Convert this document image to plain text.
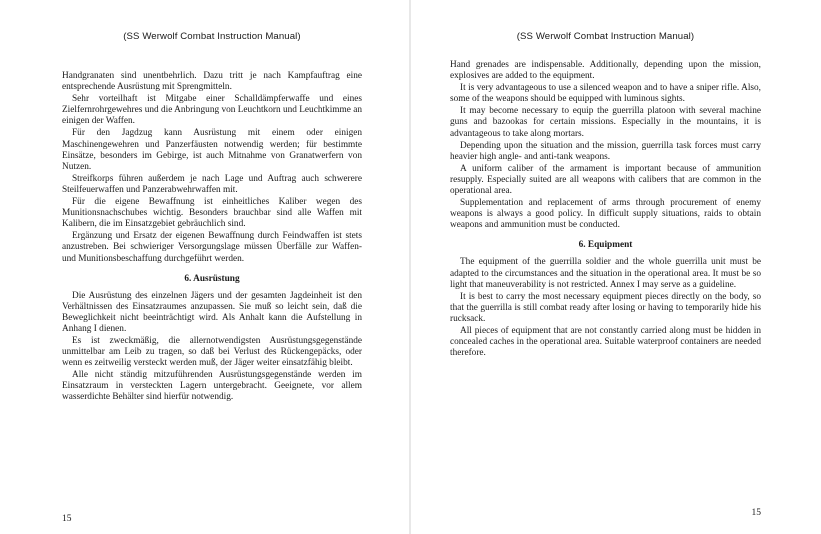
(SS Werwolf Combat Instruction Manual)

Handgranaten sind unentbehrlich. Dazu tritt je nach Kampfauftrag eine entsprechende Ausrüstung mit Sprengmitteln.

Sehr vorteilhaft ist Mitgabe einer Schalldämpferwaffe und eines Zielfernrohrgewehres und die Anbringung von Leuchtkorn und Leuchtkimme an einigen der Waffen.

Für den Jagdzug kann Ausrüstung mit einem oder einigen Maschinengewehren und Panzerfäusten notwendig werden; für bestimmte Einsätze, besonders im Gebirge, ist auch Mitnahme von Granatwerfern von Nutzen.

Streifkorps führen außerdem je nach Lage und Auftrag auch schwerere Steilfeuerwaffen und Panzerabwehrwaffen mit.

Für die eigene Bewaffnung ist einheitliches Kaliber wegen des Munitionsnachschubes wichtig. Besonders brauchbar sind alle Waffen mit Kalibern, die im Einsatzgebiet gebräuchlich sind.

Ergänzung und Ersatz der eigenen Bewaffnung durch Feindwaffen ist stets anzustreben. Bei schwieriger Versorgungslage müssen Überfälle zur Waffen- und Munitionsbeschaffung durchgeführt werden.

6. Ausrüstung

Die Ausrüstung des einzelnen Jägers und der gesamten Jagdeinheit ist den Verhältnissen des Einsatzraumes anzupassen. Sie muß so leicht sein, daß die Beweglichkeit nicht beeinträchtigt wird. Als Anhalt kann die Aufstellung in Anhang I dienen.

Es ist zweckmäßig, die allernotwendigsten Ausrüstungsgegenstände unmittelbar am Leib zu tragen, so daß bei Verlust des Rückengepäcks, oder wenn es zeitweilig versteckt werden muß, der Jäger weiter einsatzfähig bleibt.

Alle nicht ständig mitzuführenden Ausrüstungsgegenstände werden im Einsatzraum in versteckten Lagern untergebracht. Geeignete, vor allem wasserdichte Behälter sind hierfür notwendig.

15
(SS Werwolf Combat Instruction Manual)

Hand grenades are indispensable. Additionally, depending upon the mission, explosives are added to the equipment.

It is very advantageous to use a silenced weapon and to have a sniper rifle. Also, some of the weapons should be equipped with luminous sights.

It may become necessary to equip the guerrilla platoon with several machine guns and bazookas for certain missions. Especially in the mountains, it is advantageous to take along mortars.

Depending upon the situation and the mission, guerrilla task forces must carry heavier high angle- and anti-tank weapons.

A uniform caliber of the armament is important because of ammunition resupply. Especially suited are all weapons with calibers that are common in the operational area.

Supplementation and replacement of arms through procurement of enemy weapons is always a good policy. In difficult supply situations, raids to obtain weapons and ammunition must be conducted.

6. Equipment

The equipment of the guerrilla soldier and the whole guerrilla unit must be adapted to the circumstances and the situation in the operational area. It must be so light that maneuverability is not restricted. Annex I may serve as a guideline.

It is best to carry the most necessary equipment pieces directly on the body, so that the guerrilla is still combat ready after losing or having to temporarily hide his rucksack.

All pieces of equipment that are not constantly carried along must be hidden in concealed caches in the operational area. Suitable waterproof containers are needed therefore.

15
